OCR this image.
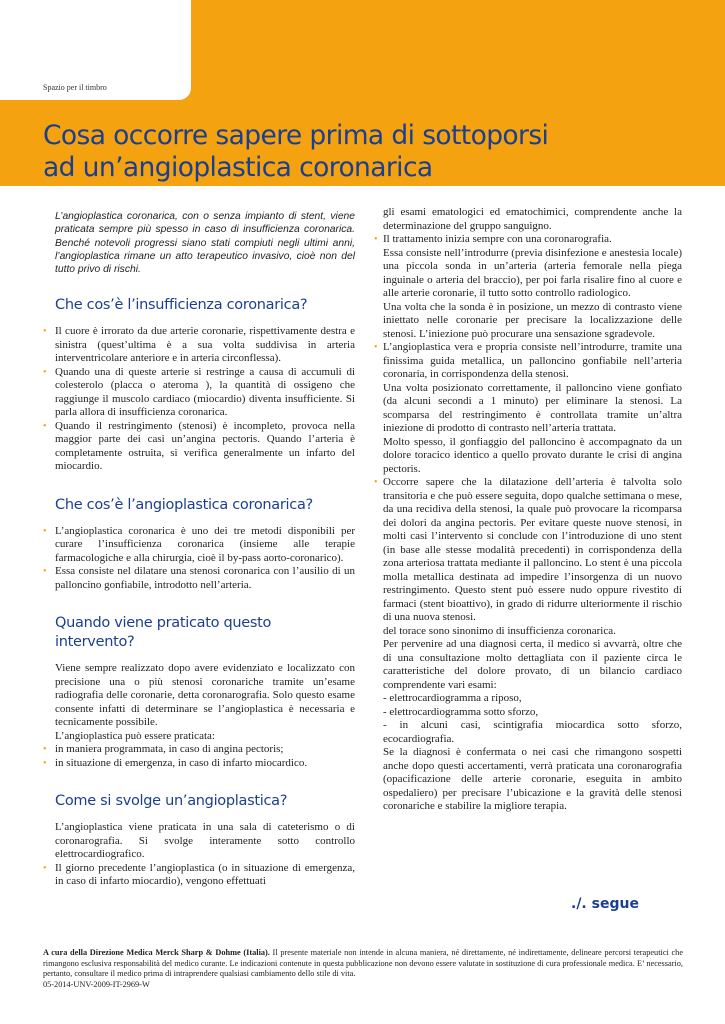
Spazio per il timbro
Cosa occorre sapere prima di sottoporsi
ad un’angioplastica coronarica

L’angioplastica coronarica, con o senza impianto di stent, viene praticata sempre più spesso in caso di insufficienza coronarica. Benché notevoli progressi siano stati compiuti negli ultimi anni, l’angioplastica rimane un atto terapeutico invasivo, cioè non del tutto privo di rischi.

Che cos’è l’insufficienza coronarica?
• Il cuore è irrorato da due arterie coronarie, rispettivamente destra e sinistra (quest’ultima è a sua volta suddivisa in arteria interventricolare anteriore e in arteria circonflessa).
• Quando una di queste arterie si restringe a causa di accumuli di colesterolo (placca o ateroma ), la quantità di ossigeno che raggiunge il muscolo cardiaco (miocardio) diventa insufficiente. Si parla allora di insufficienza coronarica.
• Quando il restringimento (stenosi) è incompleto, provoca nella maggior parte dei casi un’angina pectoris. Quando l’arteria è completamente ostruita, si verifica generalmente un infarto del miocardio.
Che cos’è l’angioplastica coronarica?
• L’angioplastica coronarica è uno dei tre metodi disponibili per curare l’insufficienza coronarica (insieme alle terapie farmacologiche e alla chirurgia, cioè il by-pass aorto-coronarico).
• Essa consiste nel dilatare una stenosi coronarica con l’ausilio di un palloncino gonfiabile, introdotto nell’arteria.
Quando viene praticato questo
intervento?

Viene sempre realizzato dopo avere evidenziato e localizzato con precisione una o più stenosi coronariche tramite un’esame radiografia delle coronarie, detta coronarografia. Solo questo esame consente infatti di determinare se l’angioplastica è necessaria e tecnicamente possibile.

L’angioplastica può essere praticata:

• in maniera programmata, in caso di angina pectoris;
• in situazione di emergenza, in caso di infarto miocardico.
Come si svolge un’angioplastica?

L’angioplastica viene praticata in una sala di cateterismo o di coronarografia. Si svolge interamente sotto controllo elettrocardiografico.

• Il giorno precedente l’angioplastica (o in situazione di emergenza, in caso di infarto miocardio), vengono effettuati

gli esami ematologici ed ematochimici, comprendente anche la determinazione del gruppo sanguigno.

• Il trattamento inizia sempre con una coronarografia.

Essa consiste nell’introdurre (previa disinfezione e anestesia locale) una piccola sonda in un’arteria (arteria femorale nella piega inguinale o arteria del braccio), per poi farla risalire fino al cuore e alle arterie coronarie, il tutto sotto controllo radiologico.

Una volta che la sonda è in posizione, un mezzo di contrasto viene iniettato nelle coronarie per precisare la localizzazione delle stenosi. L’iniezione può procurare una sensazione sgradevole.

• L’angioplastica vera e propria consiste nell’introdurre, tramite una finissima guida metallica, un palloncino gonfiabile nell’arteria coronaria, in corrispondenza della stenosi.

Una volta posizionato correttamente, il palloncino viene gonfiato (da alcuni secondi a 1 minuto) per eliminare la stenosi. La scomparsa del restringimento è controllata tramite un’altra iniezione di prodotto di contrasto nell’arteria trattata.

Molto spesso, il gonfiaggio del palloncino è accompagnato da un dolore toracico identico a quello provato durante le crisi di angina pectoris.

• Occorre sapere che la dilatazione dell’arteria è talvolta solo transitoria e che può essere seguita, dopo qualche settimana o mese, da una recidiva della stenosi, la quale può provocare la ricomparsa dei dolori da angina pectoris. Per evitare queste nuove stenosi, in molti casi l’intervento si conclude con l’introduzione di uno stent (in base alle stesse modalità precedenti) in corrispondenza della zona arteriosa trattata mediante il palloncino. Lo stent è una piccola molla metallica destinata ad impedire l’insorgenza di un nuovo restringimento. Questo stent può essere nudo oppure rivestito di farmaci (stent bioattivo), in grado di ridurre ulteriormente il rischio di una nuova stenosi.

del torace sono sinonimo di insufficienza coronarica.

Per pervenire ad una diagnosi certa, il medico si avvarrà, oltre che di una consultazione molto dettagliata con il paziente circa le caratteristiche del dolore provato, di un bilancio cardiaco comprendente vari esami:

- elettrocardiogramma a riposo,

- elettrocardiogramma sotto sforzo,

- in alcuni casi, scintigrafia miocardica sotto sforzo, ecocardiografia.

Se la diagnosi è confermata o nei casi che rimangono sospetti anche dopo questi accertamenti, verrà praticata una coronarografia (opacificazione delle arterie coronarie, eseguita in ambito ospedaliero) per precisare l’ubicazione e la gravità delle stenosi coronariche e stabilire la migliore terapia.

./. segue
A cura della Direzione Medica Merck Sharp & Dohme (Italia). Il presente materiale non intende in alcuna maniera, né direttamente, né indirettamente, delineare percorsi terapeutici che rimangono esclusiva responsabilità del medico curante. Le indicazioni contenute in questa pubblicazione non devono essere valutate in sostituzione di cura professionale medica. E’ necessario, pertanto, consultare il medico prima di intraprendere qualsiasi cambiamento dello stile di vita.
05-2014-UNV-2009-IT-2969-W
